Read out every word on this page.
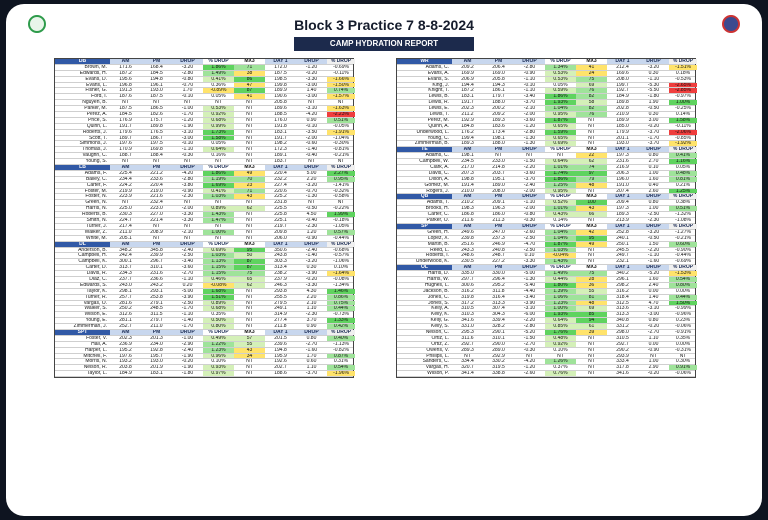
Block 3 Practice 7 8-8-2024
CAMP HYDRATION REPORT
DB	AM	PM	DROP	% DROP	MX3	DAY 1	DROP	% DROP
Brown, M.	171.6	168.4	-3.20	1.86%	71	172.0	-1.20	-0.69%
Edwards, H.	187.2	184.5	-2.80	1.49%	38	187.5	-0.20	-0.11%
Evans, D.	195.6	194.8	-0.80	0.41%	86	198.5	-3.30	-1.66%
Evans, L.	196.8	196.1	-0.70	0.36%	47	199.8	-3.00	-1.50%
Fisher, G.	191.3	193.0	1.70	-0.89%	87	189.9	1.40	0.74%
Ford, I.	187.6	187.5	-0.10	0.05%	41	190.6	-3.00	-1.57%
Nguyen, B.	NT	NT	NT	NT	NT	205.8	NT	NT
Parker, M.	187.5	186.5	-1.00	0.53%	NT	189.6	-3.10	-1.63%
Perez, A.	184.5	182.6	-1.70	0.92%	NT	188.5	-4.20	-2.23%
Price, S.	176.9	175.7	-1.20	0.68%	NT	176.0	0.90	0.51%
Quinn, L.	191.7	189.8	-1.90	0.99%	NT	191.8	-0.10	-0.05%
Roberts, J.	179.6	176.5	-3.10	1.73%	NT	183.1	-3.50	-1.91%
Scott, T.	189.7	186.7	-3.00	1.58%	NT	191.7	-2.00	-1.04%
Simmons, J.	197.6	197.5	-0.10	0.05%	NT	198.2	-0.60	-0.30%
Thomas, J.	170.9	169.8	-1.10	0.64%	NT	172.3	-1.40	-0.81%
Vaughn, C.	188.7	188.4	-0.30	0.16%	NT	189.1	-0.40	-0.21%
Young, S.	NT	NT	NT	NT	NT	183.7	NT	NT
LB	AM	PM	DROP	% DROP	MX3	DAY 1	DROP	% DROP
Adams, F.	225.4	221.2	-4.20	1.86%	49	220.4	5.00	2.27%
Bailey, C.	234.4	233.6	-2.80	1.19%	70	232.2	2.20	0.95%
Carter, F.	224.2	220.4	-3.80	1.69%	23	227.4	-3.20	-1.41%
Foster, M.	219.9	219.0	-0.90	0.41%	71	220.6	-0.70	-0.32%
Foster, N.	223.9	221.6	-2.30	1.03%	43	225.2	-1.30	-0.58%
Green, N.	NT	232.4	NT	NT	NT	231.8	NT	NT
Harris, N.	225.0	223.0	-2.00	0.89%	62	225.5	-0.50	-0.22%
Roberts, B.	230.3	227.0	-3.30	1.43%	NT	225.8	4.50	1.99%
Smith, N.	224.7	221.4	-3.30	1.47%	NT	225.1	-0.40	-0.18%
Turner, J.	217.4	NT	NT	NT	NT	219.7	-2.30	-1.05%
Walker, Z.	211.0	208.9	-2.10	1.00%	NT	209.8	1.20	0.57%
White, M.	205.1	NT	NT	NT	NT	206.0	-0.90	-0.44%
DL	AM	PM	DROP	% DROP	MX3	DAY 1	DROP	% DROP
Anderson, B.	348.2	345.8	-2.40	0.69%	95	350.6	-2.40	-0.68%
Campbell, H.	242.4	239.9	-2.50	1.03%	50	243.8	-1.40	-0.57%
Campbell, K.	300.1	296.7	-3.40	1.13%	87	303.3	-3.20	-1.06%
Carter, D.	313.7	310.1	-3.60	1.15%	87	313.4	0.30	0.10%
Davis, R.	234.3	231.6	-2.70	1.15%	75	238.2	-3.90	-1.64%
Diaz, C.	237.7	236.6	-1.10	0.46%	65	237.9	-0.20	-0.08%
Edwards, S.	243.0	243.2	0.20	-0.08%	62	246.3	-3.30	-1.34%
Taylor, K.	298.1	293.1	-5.00	1.68%	NT	293.8	4.30	1.46%
Turner, R.	257.7	253.8	-3.90	1.51%	NT	255.5	2.20	0.86%
Vargas, O.	281.6	279.1	-2.50	0.89%	NT	279.5	2.10	0.75%
Walker, S.	250.2	248.5	-1.70	0.68%	NT	249.1	1.10	0.44%
Wilson, E.	312.6	311.5	-1.10	0.35%	NT	314.9	-2.30	-0.73%
Young, E.	281.1	279.7	-1.40	0.50%	NT	277.4	3.70	1.33%
Zimmerman, J.	252.7	211.0	-1.70	0.80%	NT	211.8	0.90	0.42%
SPT	AM	PM	DROP	% DROP	MX3	DAY 1	DROP	% DROP
Foster, V.	202.3	201.3	-1.00	0.49%	57	201.5	0.80	0.40%
Hall, A.	236.9	234.0	-2.90	1.22%	55	239.6	-2.70	-1.13%
Harper, L.	195.2	192.8	-2.40	1.23%	43	194.8	-1.60	-0.82%
Mitchell, F.	197.6	195.7	-1.90	0.96%	34	195.9	1.70	0.87%
Morris, N.	193.2	193.0	-0.20	0.10%	NT	192.6	0.60	0.31%
Nelson, R.	203.8	201.9	-1.90	0.93%	NT	202.7	1.10	0.54%
Taylor, L.	184.9	183.1	-1.80	0.97%	NT	188.6	-3.70	-1.96%
WR	AM	PM	DROP	% DROP	MX3	DAY 1	DROP	% DROP
Adams, C.	209.2	206.4	-2.80	1.34%	41	212.4	-3.20	-1.51%
Evans, A.	169.9	169.0	-0.90	0.53%	24	169.6	0.30	0.18%
Evans, S.	206.9	205.8	-1.10	0.53%	75	208.0	-1.10	-0.53%
King, J.	194.4	194.3	-0.10	0.05%	69	199.7	-5.30	-2.65%
Knight, T.	187.2	186.1	-1.10	0.59%	76	192.7	-5.50	-2.85%
Lewis, B.	183.1	179.7	-3.40	1.86%	82	184.9	-1.80	-0.97%
Lewis, R.	191.7	188.0	-3.70	1.93%	58	189.8	1.90	1.00%
Lewis, E.	202.3	200.2	-2.10	1.04%	82	202.8	-0.50	-0.25%
Lewis, T.	211.2	209.2	-2.00	0.95%	76	210.9	0.30	0.14%
Perez, M.	192.9	189.3	-3.60	1.87%	NT	189.9	3.00	1.58%
Quinn, A.	184.8	183.6	-1.20	0.65%	NT	185.0	-0.20	-0.11%
Underwood, L.	176.2	173.4	-2.80	1.59%	NT	179.9	-3.70	-2.06%
Young, C.	199.4	198.1	-1.30	0.65%	NT	201.1	-1.70	-0.85%
Zimmerman, B.	189.3	188.0	-1.30	0.69%	NT	193.0	-3.70	-1.92%
TE	AM	PM	DROP	% DROP	MX3	DAY 1	DROP	% DROP
Adams, C.	198.1	NT	NT	NT	22	197.3	0.80	0.41%
Campbell, W.	234.5	233.0	-1.50	0.64%	62	231.6	2.70	1.16%
Clark, A.	217.0	214.8	-2.20	1.01%	74	216.9	0.10	0.05%
Davis, C.	207.3	203.7	-3.60	1.74%	97	206.3	1.00	0.48%
Dixon, A.	198.8	195.1	-3.70	1.86%	79	196.0	1.60	0.81%
Gomez, M.	191.4	189.0	-2.40	1.25%	48	191.0	0.40	0.21%
Rogers, J.	210.0	208.0	-2.00	0.95%	NT	207.4	2.60	1.25%
QB	AM	PM	DROP	% DROP	MX3	DAY 1	DROP	% DROP
Adams, T.	210.2	209.1	-1.10	0.52%	100	209.4	0.80	0.38%
Brooks, H.	198.3	196.3	-2.00	1.01%	43	197.3	1.00	0.51%
Carter, C.	186.8	186.0	-0.80	0.43%	66	189.3	-2.50	-1.32%
Parker, O.	211.6	211.3	-0.30	0.14%	NT	213.9	-2.30	-1.08%
SP	AM	PM	DROP	% DROP	MX3	DAY 1	DROP	% DROP
Green, H.	249.6	247.0	-2.60	1.04%	42	252.8	-3.20	-1.27%
Lopez, X.	239.8	237.3	-2.50	1.04%	95	240.1	-0.50	-0.21%
Martin, B.	251.6	246.9	-4.70	1.87%	49	250.1	1.50	0.60%
Reed, L.	243.3	240.8	-2.50	1.03%	NT	245.5	-2.20	-0.90%
Roberts, I.	248.6	248.7	0.10	-0.04%	NT	249.7	-1.10	-0.44%
Underwood, K.	230.5	227.2	-3.30	1.43%	NT	232.1	-1.60	-0.69%
OL	AM	PM	DROP	% DROP	MX3	DAY 1	DROP	% DROP
Harris, D.	335.0	330.0	-5.00	1.49%	75	340.2	-5.20	-1.53%
Harris, W.	297.7	296.4	-1.30	0.44%	28	296.1	1.60	0.54%
Hughes, L.	300.6	295.2	-5.40	1.80%	36	298.2	2.40	0.80%
Jackson, B.	316.2	311.8	-4.40	1.39%	55	316.2	0.00	0.00%
Jones, C.	319.8	316.4	-3.40	1.06%	81	318.4	1.40	0.44%
Jones, S.	317.2	313.3	-3.90	1.23%	48	312.5	4.70	1.50%
Kelly, A.	310.5	307.4	-3.10	1.00%	69	313.6	-3.10	-0.99%
Kelly, K.	310.3	304.3	-6.00	1.93%	85	313.3	-3.00	-0.96%
Kelly, G.	341.6	339.4	-2.20	0.64%	94	340.8	0.80	0.23%
Kelly, S.	331.0	328.2	-2.80	0.85%	61	331.2	-0.20	-0.06%
Nelson, C.	295.3	290.1	-5.20	1.76%	39	298.0	-2.70	-0.91%
Ortiz, L.	311.6	310.1	-1.50	0.48%	NT	310.5	1.10	0.35%
Ortiz, Z.	292.7	290.0	-2.70	0.92%	NT	292.7	0.00	0.00%
Owens, V.	289.3	289.0	-0.30	0.10%	NT	290.2	-0.90	-0.31%
Phillips, L.	NT	292.9	NT	NT	NT	293.9	NT	NT
Sanders, C.	334.4	330.2	-4.20	1.26%	NT	333.4	1.00	0.30%
Vargas, H.	320.7	319.5	-1.20	0.37%	NT	317.8	2.90	0.91%
Wilson, P.	341.4	338.8	-2.60	0.76%	NT	341.6	-0.20	-0.06%
